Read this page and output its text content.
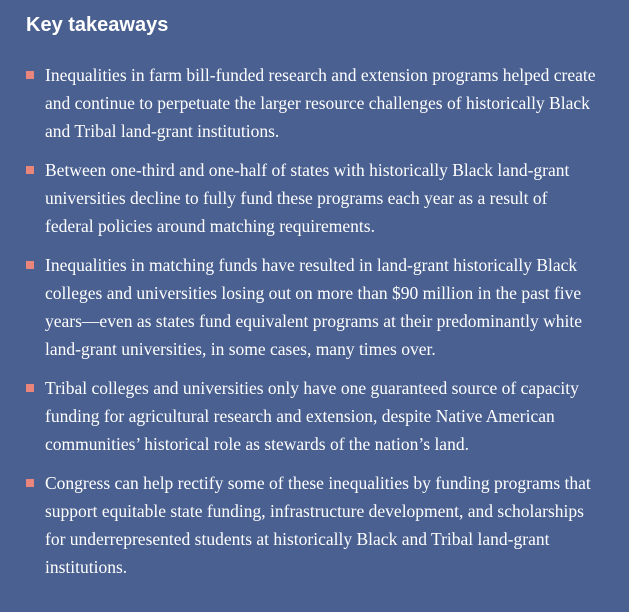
Key takeaways
Inequalities in farm bill-funded research and extension programs helped create and continue to perpetuate the larger resource challenges of historically Black and Tribal land-grant institutions.
Between one-third and one-half of states with historically Black land-grant universities decline to fully fund these programs each year as a result of federal policies around matching requirements.
Inequalities in matching funds have resulted in land-grant historically Black colleges and universities losing out on more than $90 million in the past five years—even as states fund equivalent programs at their predominantly white land-grant universities, in some cases, many times over.
Tribal colleges and universities only have one guaranteed source of capacity funding for agricultural research and extension, despite Native American communities’ historical role as stewards of the nation’s land.
Congress can help rectify some of these inequalities by funding programs that support equitable state funding, infrastructure development, and scholarships for underrepresented students at historically Black and Tribal land-grant institutions.
